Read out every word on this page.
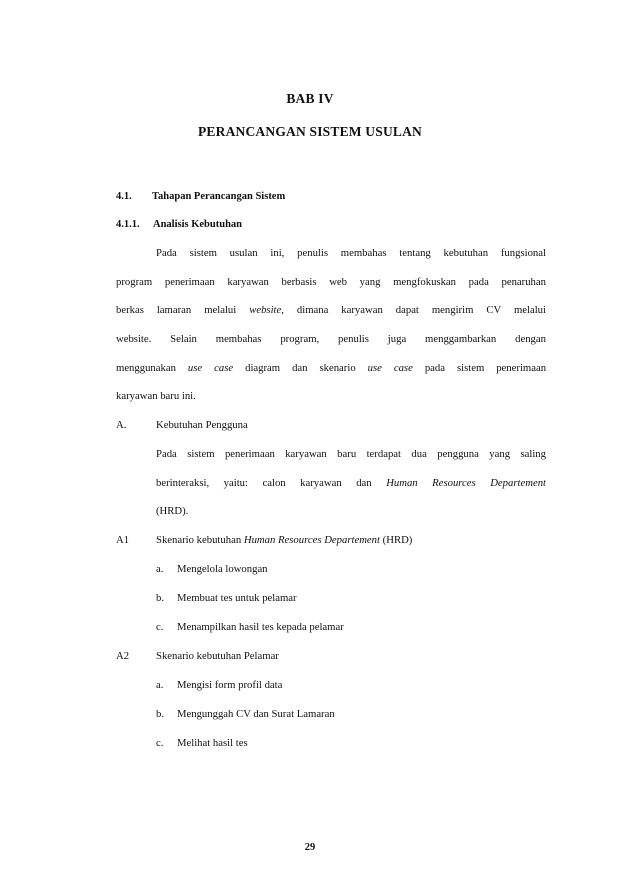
BAB IV
PERANCANGAN SISTEM USULAN
4.1. Tahapan Perancangan Sistem
4.1.1. Analisis Kebutuhan
Pada sistem usulan ini, penulis membahas tentang kebutuhan fungsional
program penerimaan karyawan berbasis web yang mengfokuskan pada penaruhan
berkas lamaran melalui website, dimana karyawan dapat mengirim CV melalui
website. Selain membahas program, penulis juga menggambarkan dengan
menggunakan use case diagram dan skenario use case pada sistem penerimaan
karyawan baru ini.
A.	Kebutuhan Pengguna
Pada sistem penerimaan karyawan baru terdapat dua pengguna yang saling
berinteraksi, yaitu: calon karyawan dan Human Resources Departement
(HRD).
A1	Skenario kebutuhan Human Resources Departement (HRD)
a. Mengelola lowongan
b. Membuat tes untuk pelamar
c. Menampilkan hasil tes kepada pelamar
A2	Skenario kebutuhan Pelamar
a. Mengisi form profil data
b. Mengunggah CV dan Surat Lamaran
c. Melihat hasil tes
29
